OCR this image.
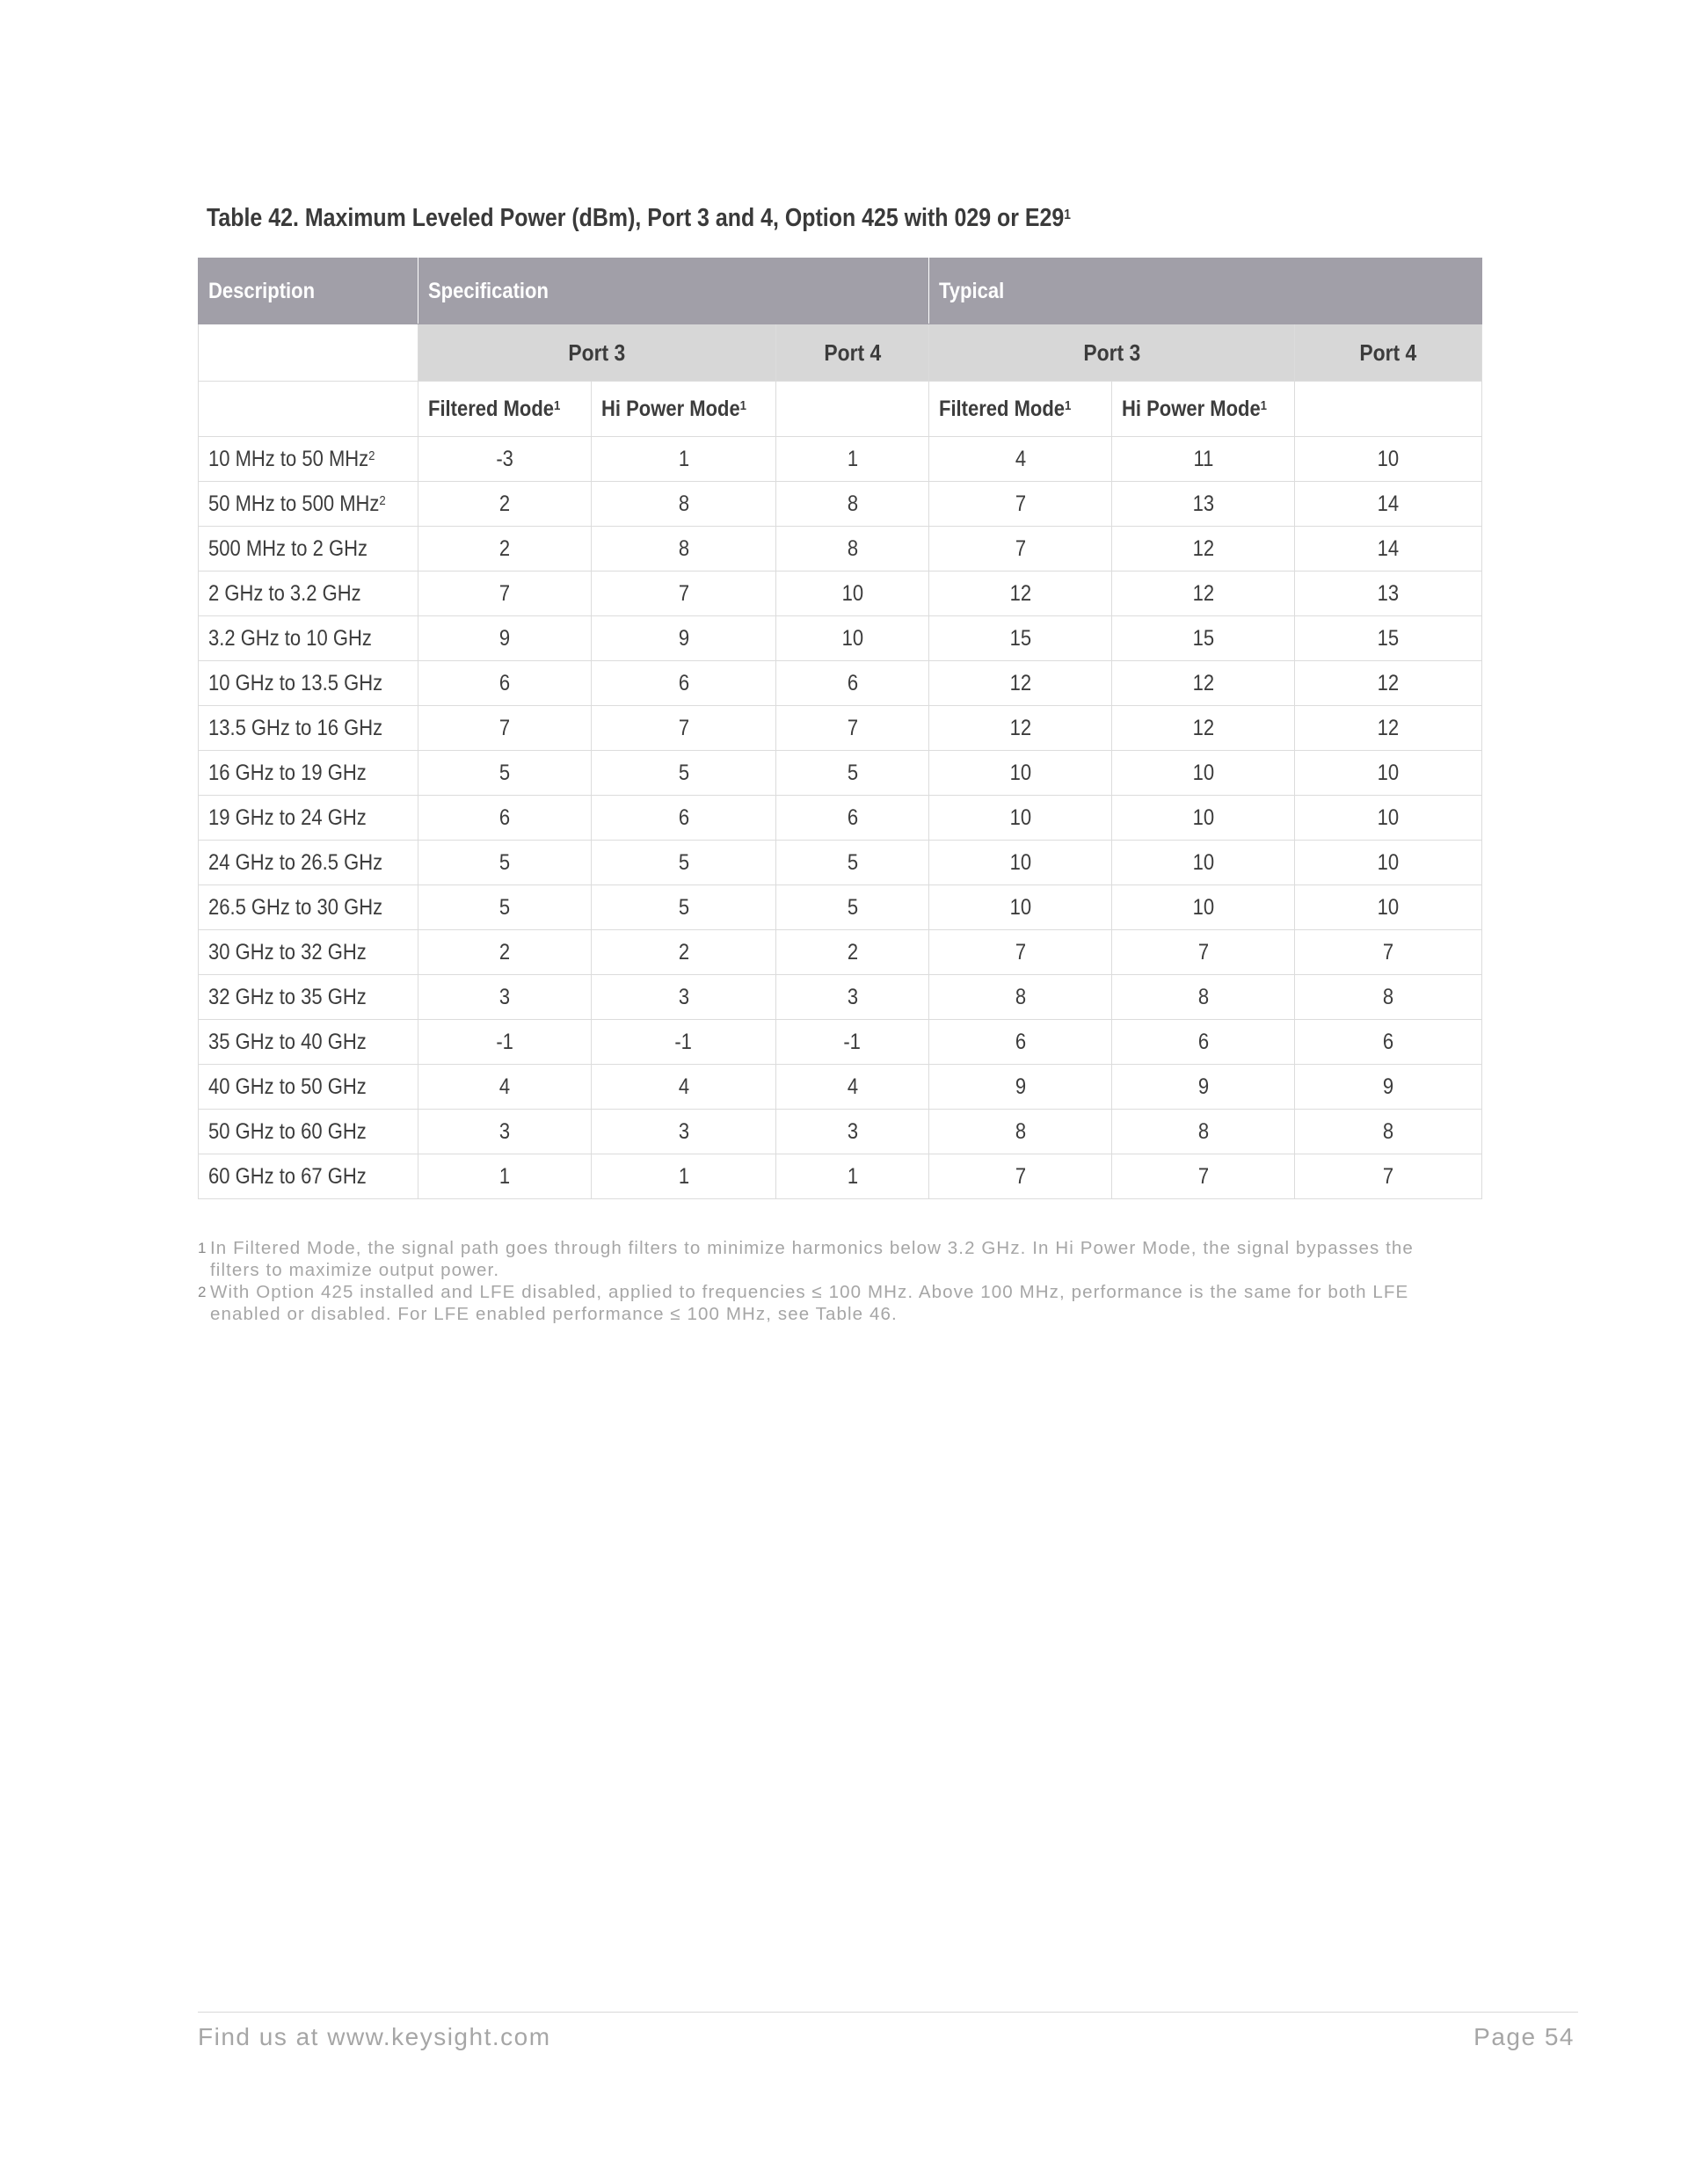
Table 42. Maximum Leveled Power (dBm), Port 3 and 4, Option 425 with 029 or $E29^1$
Description	Specification			Typical		
	Port 3		Port 4	Port 3		Port 4
	Filtered Mode$^1$	Hi Power Mode$^1$		Filtered Mode$^1$	Hi Power Mode$^1$	
10 MHz to 50 MHz$^2$	-3	1	1	4	11	10
50 MHz to 500 MHz$^2$	2	8	8	7	13	14
500 MHz to 2 GHz	2	8	8	7	12	14
2 GHz to 3.2 GHz	7	7	10	12	12	13
3.2 GHz to 10 GHz	9	9	10	15	15	15
10 GHz to 13.5 GHz	6	6	6	12	12	12
13.5 GHz to 16 GHz	7	7	7	12	12	12
16 GHz to 19 GHz	5	5	5	10	10	10
19 GHz to 24 GHz	6	6	6	10	10	10
24 GHz to 26.5 GHz	5	5	5	10	10	10
26.5 GHz to 30 GHz	5	5	5	10	10	10
30 GHz to 32 GHz	2	2	2	7	7	7
32 GHz to 35 GHz	3	3	3	8	8	8
35 GHz to 40 GHz	-1	-1	-1	6	6	6
40 GHz to 50 GHz	4	4	4	9	9	9
50 GHz to 60 GHz	3	3	3	8	8	8
60 GHz to 67 GHz	1	1	1	7	7	7
1 In Filtered Mode, the signal path goes through filters to minimize harmonics below 3.2 GHz. In Hi Power Mode, the signal bypasses the filters to maximize output power.
2 With Option 425 installed and LFE disabled, applied to frequencies ≤ 100 MHz. Above 100 MHz, performance is the same for both LFE enabled or disabled. For LFE enabled performance ≤ 100 MHz, see Table 46.
Find us at www.keysight.com	Page 54
